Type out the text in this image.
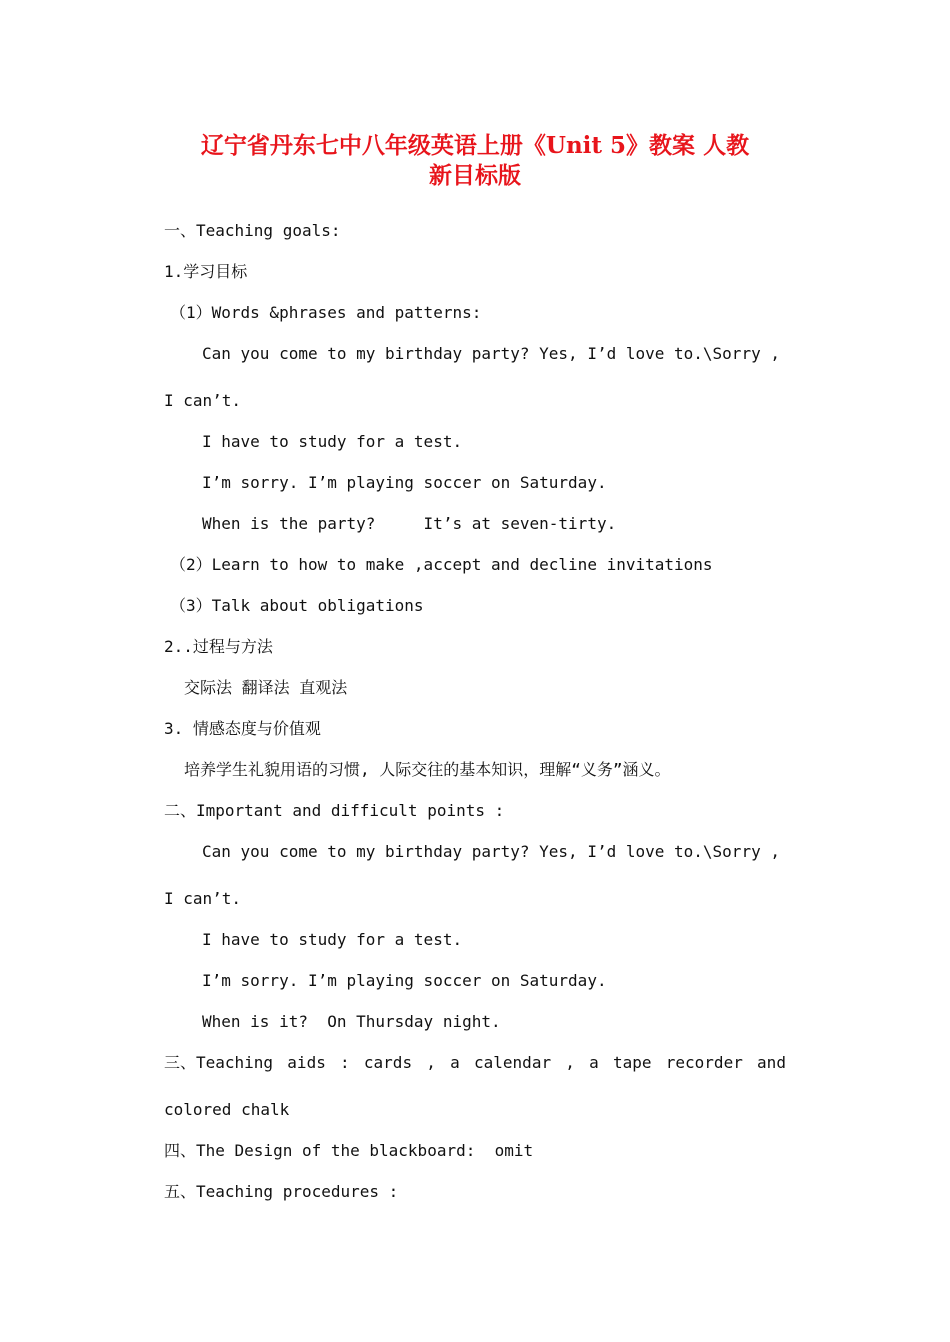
辽宁省丹东七中八年级英语上册《Unit 5》教案 人教
新目标版
一、Teaching goals:
1.学习目标
（1）Words &phrases and patterns:
Can you come to my birthday party? Yes, I’d love to.\Sorry ,
I can’t.
I have to study for a test.
I’m sorry. I’m playing soccer on Saturday.
When is the party?     It’s at seven-tirty.
（2）Learn to how to make ,accept and decline invitations
（3）Talk about obligations
2..过程与方法
交际法 翻译法 直观法
3. 情感态度与价值观
培养学生礼貌用语的习惯, 人际交往的基本知识，理解“义务”涵义。
二、Important and difficult points :
Can you come to my birthday party? Yes, I’d love to.\Sorry ,
I can’t.
I have to study for a test.
I’m sorry. I’m playing soccer on Saturday.
When is it?  On Thursday night.
三、Teaching aids : cards , a calendar , a tape recorder and
colored chalk
四、The Design of the blackboard:  omit
五、Teaching procedures :
